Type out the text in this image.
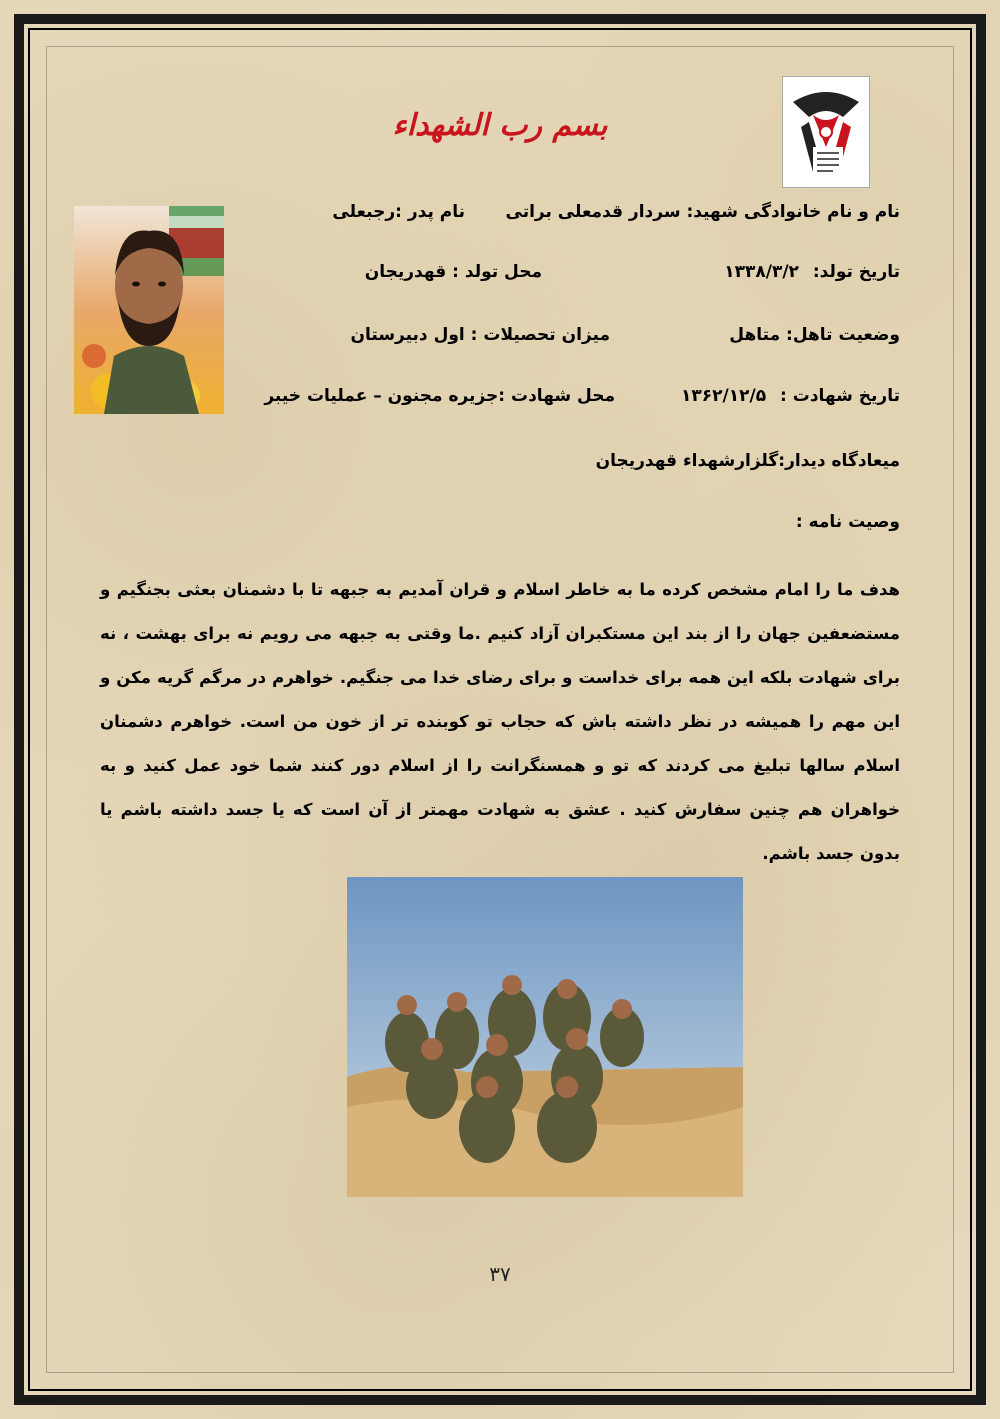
بسم رب الشهداء
نام و نام خانوادگی شهید: سردار قدمعلی براتی
نام پدر :رجبعلی
تاریخ تولد: ۱۳۳۸/۳/۲
محل تولد : قهدریجان
وضعیت تاهل: متاهل
میزان تحصیلات : اول دبیرستان
تاریخ شهادت : ۱۳۶۲/۱۲/۵
محل شهادت :جزیره مجنون – عملیات خیبر
میعادگاه دیدار:گلزارشهداء قهدریجان
وصیت نامه :
هدف ما را امام مشخص کرده ما به خاطر اسلام و قران آمدیم به جبهه تا با دشمنان بعثی بجنگیم و مستضعفین جهان را از بند این مستکبران آزاد کنیم .ما وقتی به جبهه می رویم نه برای بهشت ، نه برای شهادت بلکه این همه برای خداست و برای رضای خدا می جنگیم. خواهرم در مرگم گریه مکن و این مهم را همیشه در نظر داشته باش که حجاب تو کوبنده تر از خون من است. خواهرم دشمنان اسلام سالها تبلیغ می کردند که تو و همسنگرانت را از اسلام دور کنند شما خود عمل کنید و به خواهران هم چنین سفارش کنید . عشق به شهادت مهمتر از آن است که یا جسد داشته باشم یا بدون جسد باشم.
۳۷
